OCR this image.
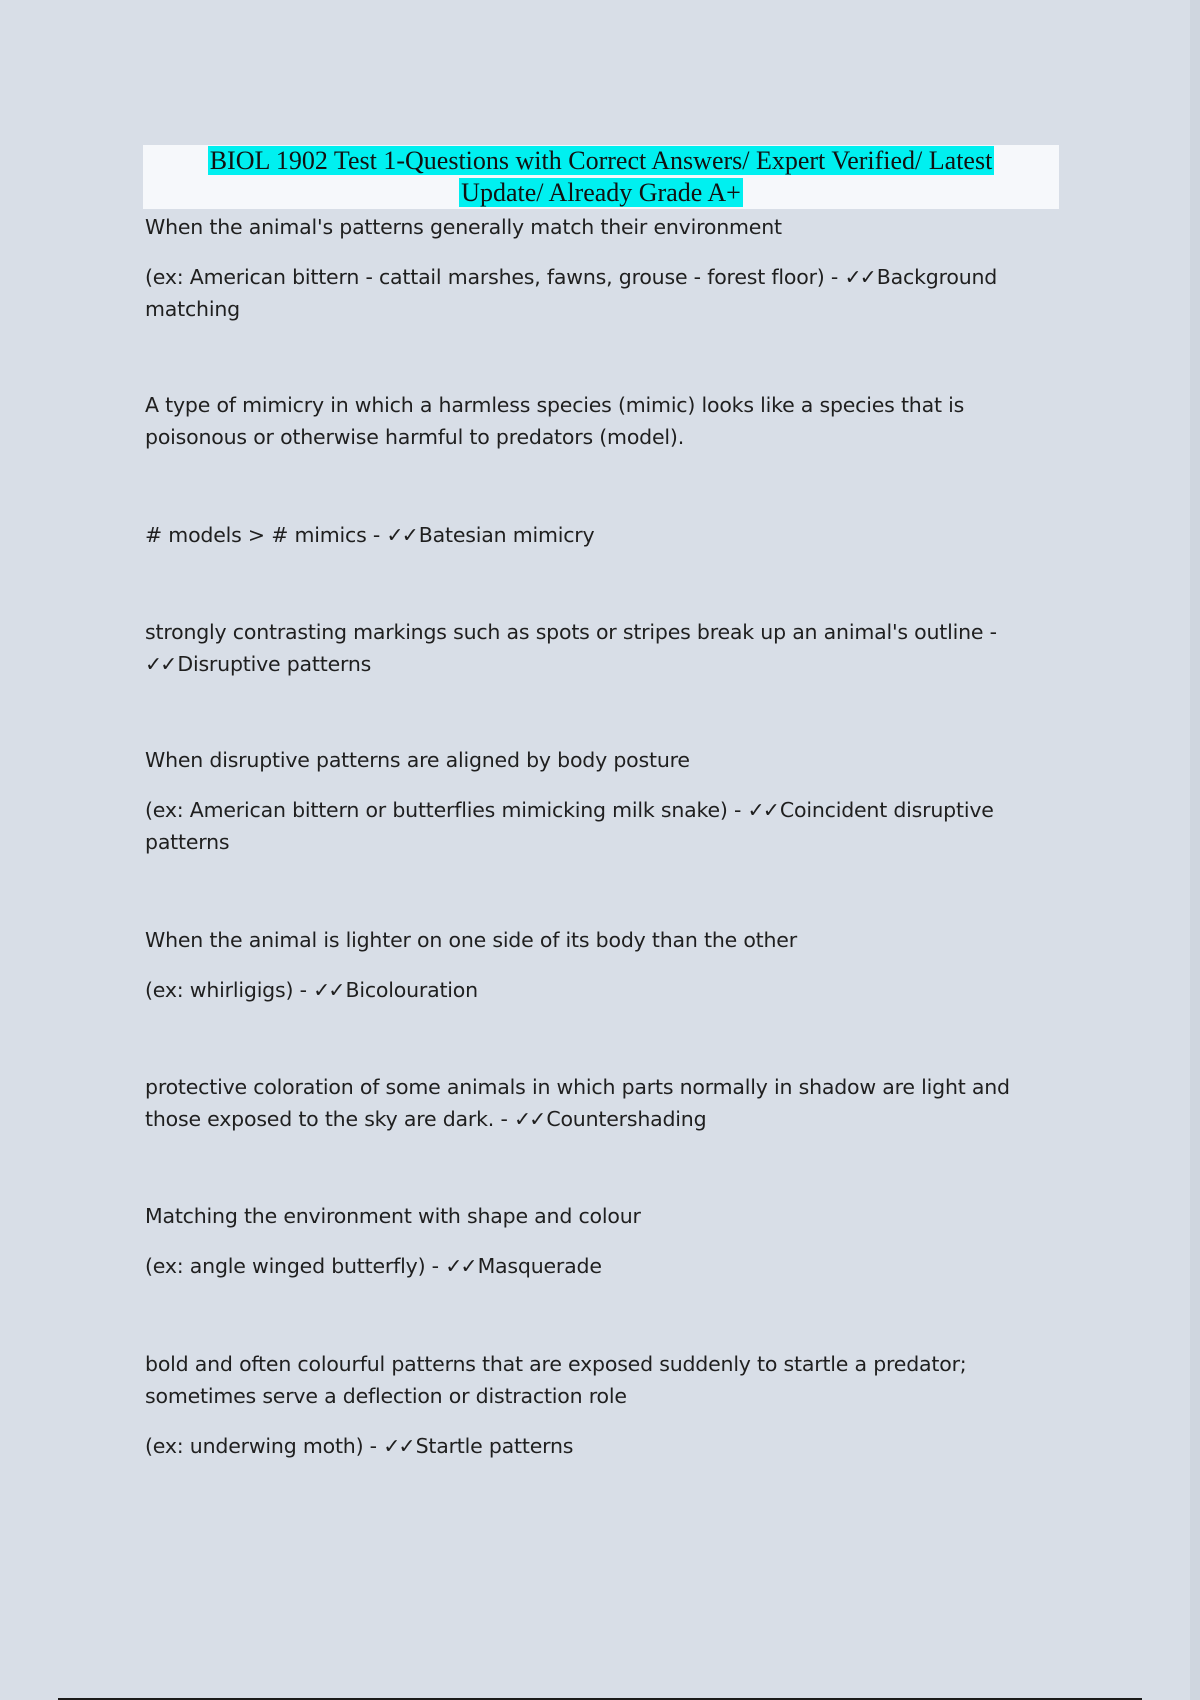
BIOL 1902 Test 1-Questions with Correct Answers/ Expert Verified/ Latest
Update/ Already Grade A+

When the animal's patterns generally match their environment

(ex: American bittern - cattail marshes, fawns, grouse - forest floor) - ✓✓Background matching

A type of mimicry in which a harmless species (mimic) looks like a species that is poisonous or otherwise harmful to predators (model).

# models > # mimics - ✓✓Batesian mimicry

strongly contrasting markings such as spots or stripes break up an animal's outline -
✓✓Disruptive patterns

When disruptive patterns are aligned by body posture

(ex: American bittern or butterflies mimicking milk snake) - ✓✓Coincident disruptive patterns

When the animal is lighter on one side of its body than the other

(ex: whirligigs) - ✓✓Bicolouration

protective coloration of some animals in which parts normally in shadow are light and those exposed to the sky are dark. - ✓✓Countershading

Matching the environment with shape and colour

(ex: angle winged butterfly) - ✓✓Masquerade

bold and often colourful patterns that are exposed suddenly to startle a predator; sometimes serve a deflection or distraction role

(ex: underwing moth) - ✓✓Startle patterns
